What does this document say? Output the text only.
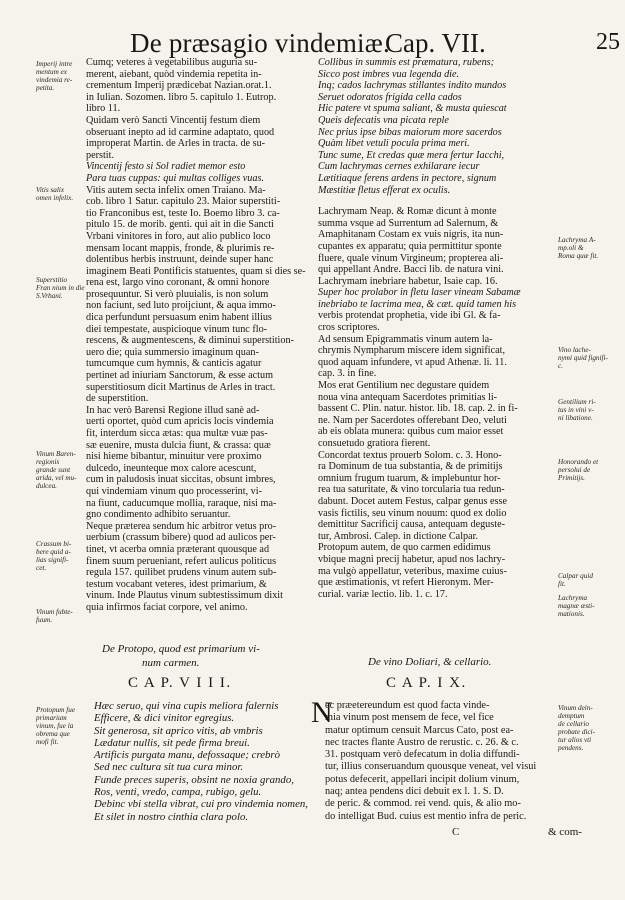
De præsagio vindemiæ.
Cap. VII.	25

Cumq; veteres à vegetabilibus auguria su-

merent, aiebant, quòd vindemia repetita in-

crementum Imperij prædicebat Nazian.orat.1.

in Iulian. Sozomen. libro 5. capitulo 1. Eutrop.

libro 11.

Quidam verò Sancti Vincentij festum diem

obseruant inepto ad id carmine adaptato, quod

improperat Martin. de Arles in tracta. de su-

perstit.

Vincentij festo si Sol radiet memor esto

Para tuas cuppas: qui multas colliges vuas.

Vitis autem secta infelix omen Traiano. Ma-

cob. libro 1 Satur. capitulo 23. Maior superstiti-

tio Franconibus est, teste Io. Boemo libro 3. ca-

pitulo 15. de morib. genti. qui ait in die Sancti

Vrbani vinitores in foro, aut alio publico loco

mensam locant mappis, fronde, & plurimis re-

dolentibus herbis instruunt, deinde super hanc

imaginem Beati Pontificis statuentes, quam si dies se-

rena est, largo vino coronant, & omni honore

prosequuntur. Si verò pluuialis, is non solum

non faciunt, sed luto proijciunt, & aqua immo-

dica perfundunt persuasum enim habent illius

diei tempestate, auspicioque vinum tunc flo-

rescens, & augmentescens, & diminui superstition-

uero die; quia summersio imaginum quan-

tumcumque cum hymnis, & canticis agatur

pertinet ad iniuriam Sanctorum, & esse actum

superstitiosum dicit Martinus de Arles in tract.

de superstition.

In hac verò Barensi Regione illud sanè ad-

uerti oportet, quòd cum apricis locis vindemia

fit, interdum sicca ætas: qua multæ vuæ pas-

sæ euenire, musta dulcia fiunt, & crassa: quæ

nisi hieme bibantur, minuitur vere proximo

dulcedo, ineunteque mox calore acescunt,

cum in paludosis inuat siccitas, obsunt imbres,

qui vindemiam vinum quo processerint, vi-

na fiunt, caducumque mollia, raraque, nisi ma-

gno condimento adhibito seruantur.

Neque præterea sendum hic arbitror vetus pro-

uerbium (crassum bibere) quod ad aulicos per-

tinet, vt acerba omnia præterant quousque ad

finem suum perueniant, refert aulicus politicus

regula 157. quilibet prudens vinum autem sub-

testum vocabant veteres, idest primarium, &

vinum. Inde Plautus vinum subtestissimum dixit

quia infirmos faciat corpore, vel animo.

Collibus in summis est præmatura, rubens;

Sicco post imbres vua legenda die.

Inq; cados lachrymas stillantes indito mundos

Seruet odoratos frigida cella cados

Hic patere vt spuma saliant, & musta quiescat

Queis defecatis vna picata reple

Nec prius ipse bibas maiorum more sacerdos

Quàm libet vetuli pocula prima meri.

Tunc sume, Et credas quæ mera fertur Iacchi,

Cum lachrymas cernes exhilarare iecur

Lætitiaque ferens ardens in pectore, signum

Mæstitiæ fletus efferat ex oculis.

Lachrymam Neap. & Romæ dicunt à monte

summa vsque ad Surrentum ad Salernum, &

Amaphitanam Costam ex vuis nigris, ita nun-

cupantes ex apparatu; quia permittitur sponte

fluere, quale vinum Virgineum; propterea ali-

qui appellant Andre. Bacci lib. de natura vini.

Lachrymam inebriare habetur, Isaie cap. 16.

Super hoc prolabor in fletu laser vineam Sabamæ

inebriabo te lacrima mea, & cæt. quid tamen his

verbis protendat prophetia, vide ibi Gl. & fa-

cros scriptores.

Ad sensum Epigrammatis vinum autem la-

chrymis Nympharum miscere idem significat,

quod aquam infundere, vt apud Athenæ. li. 11.

cap. 3. in fine.

Mos erat Gentilium nec degustare quidem

noua vina antequam Sacerdotes primitias li-

bassent C. Plin. natur. histor. lib. 18. cap. 2. in fi-

ne. Nam per Sacerdotes offerebant Deo, veluti

ab eis oblata munera: quibus cum maior esset

consuetudo gratiora fierent.

Concordat textus prouerb Solom. c. 3. Hono-

ra Dominum de tua substantia, & de primitijs

omnium frugum tuarum, & implebuntur hor-

rea tua saturitate, & vino torcularia tua redun-

dabunt. Docet autem Festus, calpar genus esse

vasis fictilis, seu vinum nouum: quod ex dolio

demittitur Sacrificij causa, antequam deguste-

tur, Ambrosi. Calep. in dictione Calpar.

Protopum autem, de quo carmen edidimus

vbique magni precij habetur, apud nos lachry-

ma vulgò appellatur, veteribus, maxime cuius-

que æstimationis, vt refert Hieronym. Mer-

curial. variæ lectio. lib. 1. c. 17.

Imperij intre
mentum ex
vindemia re-
petita.
Vitis salix
omen infelix.
Superstitio
Fran nium in die
S.Vrbani.
Vinum Baren-
regionis
grande sunt
arida, vel mu-
dulcea.
Crassum bi-
bere quid a-
lias signifi-
cet.
Vinum fubte-
fuum.
Protopum fue
primarium
vinum, fue la
obrema que
mofi fit.
Lachryma A-
mp.oli &
Roma quæ fit.
Vino lache-
nymi quid fignifi-
c.
Gentilium ri-
tus in vini v-
ni libatione.
Honorando et
persolui de
Primitijs.
Calpar quid
fit.
Lachryma
magnæ æsti-
mationis.
De Protopo, quod est primarium vi-
num carmen.
C A P. V I I I.

Hæc seruo, qui vina cupis meliora falernis

Efficere, & dici vinitor egregius.

Sit generosa, sit aprico vitis, ab vmbris

Lædatur nullis, sit pede firma breui.

Artificis purgata manu, defossaque; crebrò

Sed nec cultura sit tua cura minor.

Funde preces superis, obsint ne noxia grando,

Ros, venti, vredo, campa, rubigo, gelu.

Debinc vbi stella vibrat, cui pro vindemia nomen,

Et silet in nostro cinthia clara polo.

De vino Doliari, & cellario.
C A P. I X.
N

ec præetereundum est quod facta vinde-

mia vinum post mensem de fece, vel fice

matur optimum censuit Marcus Cato, post ea-

nec tractes flante Austro de rerustic. c. 26. & c.

31. postquam verò defecatum in dolia diffundi-

tur, illius conseruandum quousque veneat, vel visui

potus defecerit, appellari incipit dolium vinum,

naq; antea pendens dici debuit ex l. 1. S. D.

de peric. & commod. rei vend. quis, & alio mo-

do intelligat Bud. cuius est mentio infra de peric.

Vinum dein-
demptum
de cellario
probate dici-
tur alios vti
pendens.
C	& com-
